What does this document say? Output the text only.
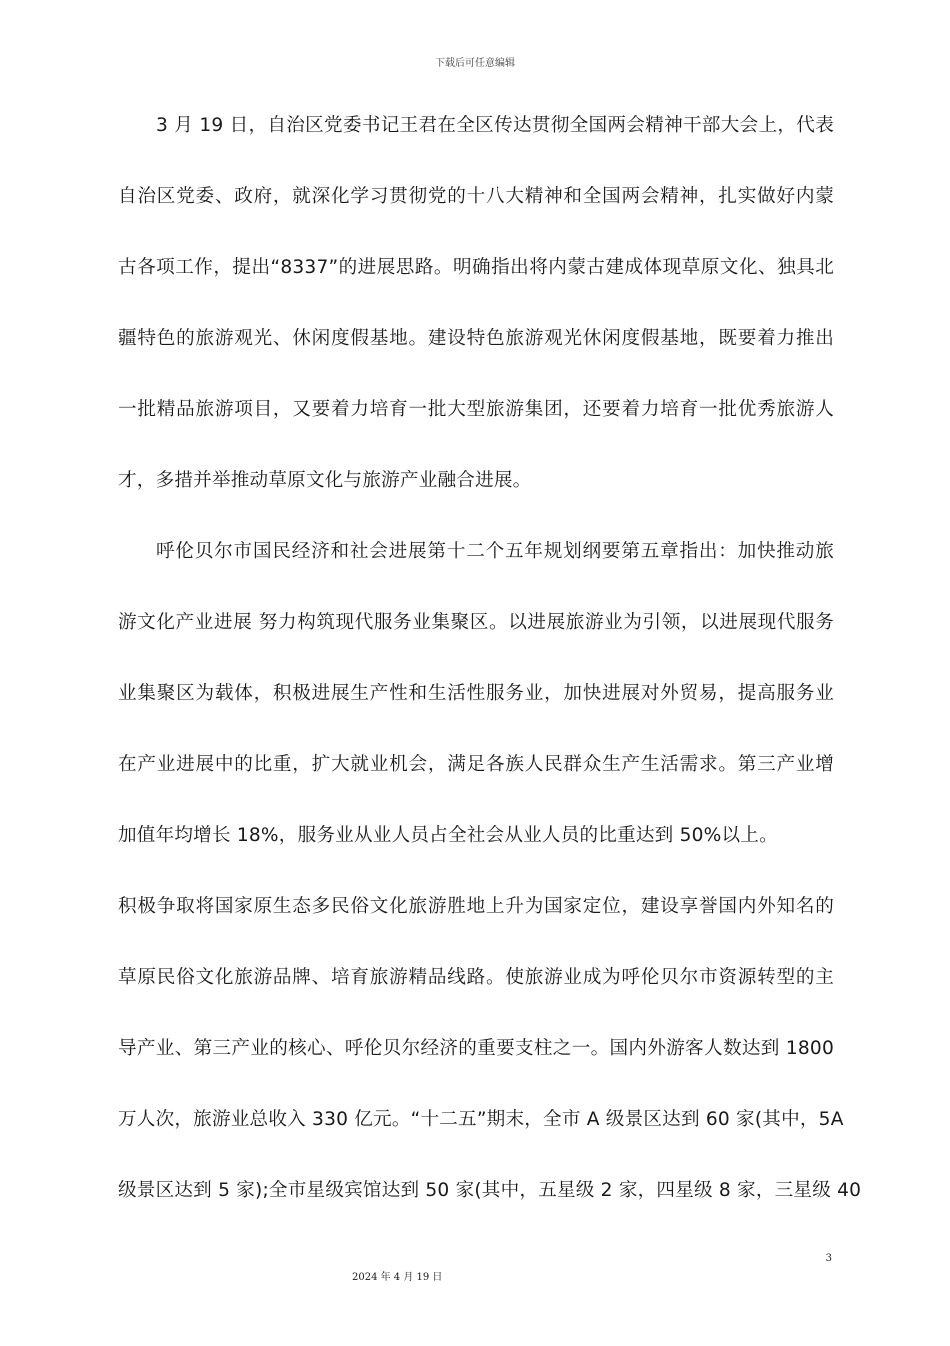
下载后可任意编辑
3 月 19 日，自治区党委书记王君在全区传达贯彻全国两会精神干部大会上，代表
自治区党委、政府，就深化学习贯彻党的十八大精神和全国两会精神，扎实做好内蒙
古各项工作，提出“8337”的进展思路。明确指出将内蒙古建成体现草原文化、独具北
疆特色的旅游观光、休闲度假基地。建设特色旅游观光休闲度假基地，既要着力推出
一批精品旅游项目，又要着力培育一批大型旅游集团，还要着力培育一批优秀旅游人
才，多措并举推动草原文化与旅游产业融合进展。
呼伦贝尔市国民经济和社会进展第十二个五年规划纲要第五章指出：加快推动旅
游文化产业进展 努力构筑现代服务业集聚区。以进展旅游业为引领，以进展现代服务
业集聚区为载体，积极进展生产性和生活性服务业，加快进展对外贸易，提高服务业
在产业进展中的比重，扩大就业机会，满足各族人民群众生产生活需求。第三产业增
加值年均增长 18%，服务业从业人员占全社会从业人员的比重达到 50%以上。
积极争取将国家原生态多民俗文化旅游胜地上升为国家定位，建设享誉国内外知名的
草原民俗文化旅游品牌、培育旅游精品线路。使旅游业成为呼伦贝尔市资源转型的主
导产业、第三产业的核心、呼伦贝尔经济的重要支柱之一。国内外游客人数达到 1800
万人次，旅游业总收入 330 亿元。“十二五”期末，全市 A 级景区达到 60 家(其中，5A
级景区达到 5 家);全市星级宾馆达到 50 家(其中，五星级 2 家，四星级 8 家，三星级 40
3
2024 年 4 月 19 日
